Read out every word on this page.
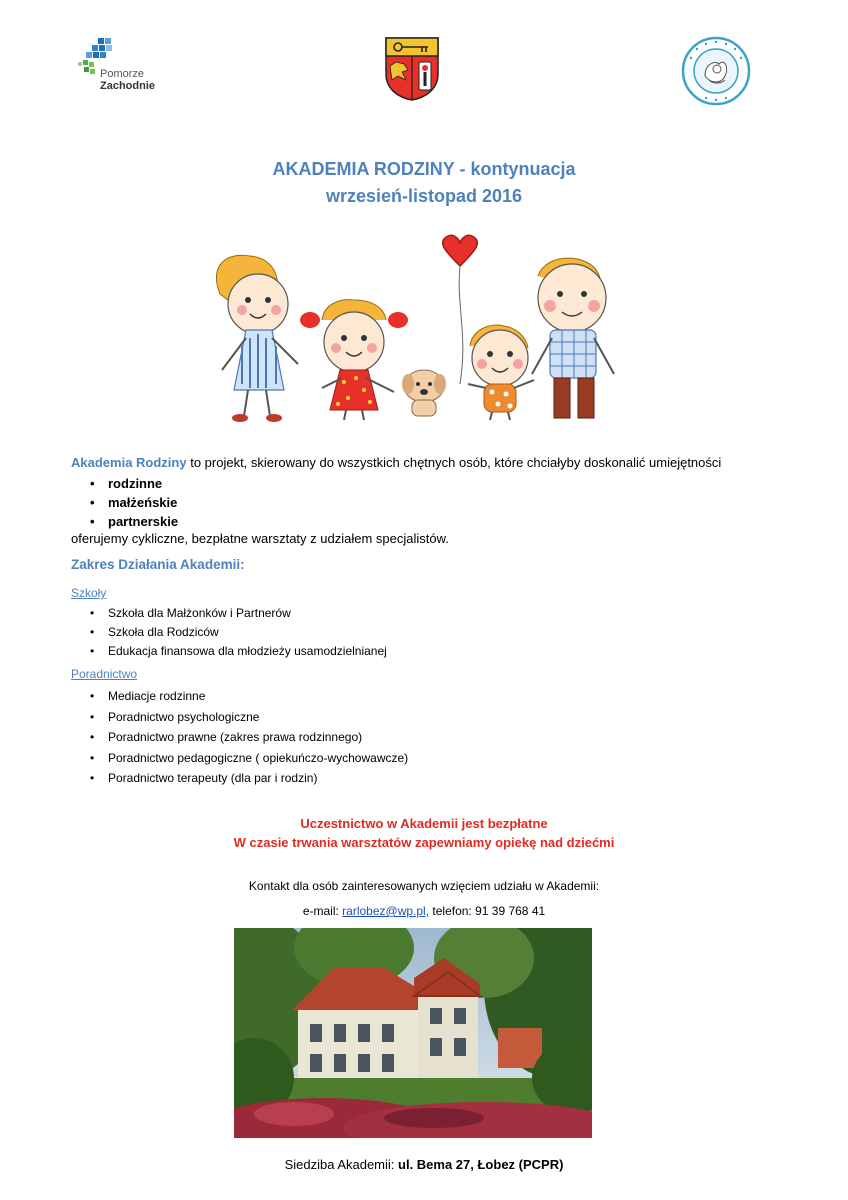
Pomorze
Zachodnie
AKADEMIA RODZINY - kontynuacja
wrzesień-listopad 2016
Akademia Rodziny to projekt, skierowany do wszystkich chętnych osób, które chciałyby doskonalić umiejętności
• rodzinne
• małżeńskie
• partnerskie
oferujemy cykliczne, bezpłatne warsztaty z udziałem specjalistów.
Zakres Działania Akademii:
Szkoły
• Szkoła dla Małżonków i Partnerów
• Szkoła dla Rodziców
• Edukacja finansowa dla młodzieży usamodzielnianej
Poradnictwo
• Mediacje rodzinne
• Poradnictwo psychologiczne
• Poradnictwo prawne (zakres prawa rodzinnego)
• Poradnictwo pedagogiczne ( opiekuńczo-wychowawcze)
• Poradnictwo terapeuty (dla par i rodzin)
Uczestnictwo w Akademii jest bezpłatne
W czasie trwania warsztatów zapewniamy opiekę nad dziećmi
Kontakt dla osób zainteresowanych wzięciem udziału w Akademii:
e-mail: rarlobez@wp.pl, telefon: 91 39 768 41
Siedziba Akademii: ul. Bema 27, Łobez (PCPR)
